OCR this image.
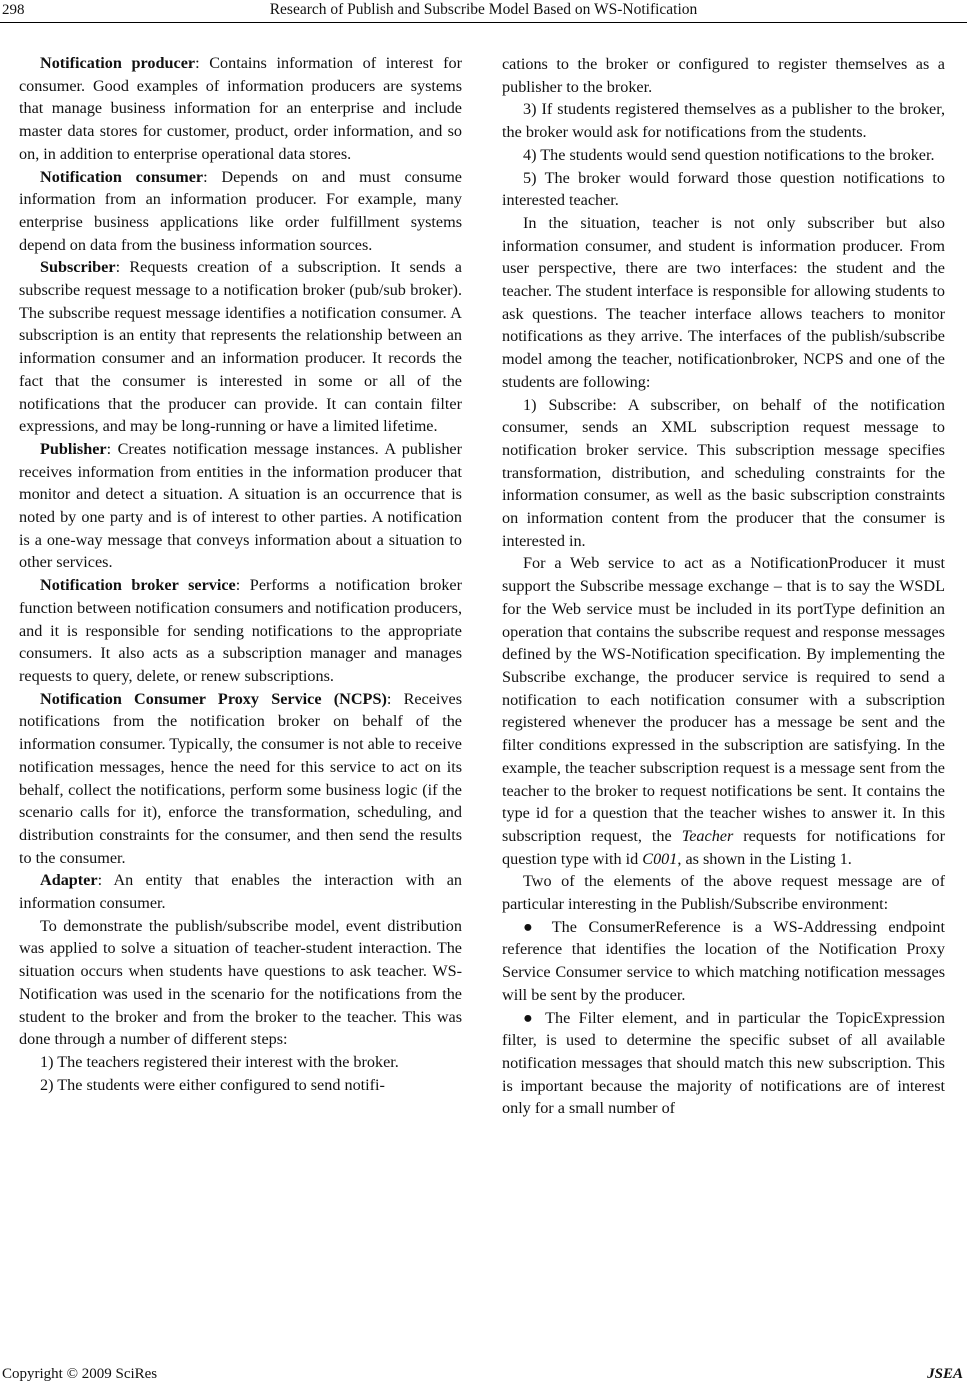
298	Research of Publish and Subscribe Model Based on WS-Notification

Notification producer: Contains information of interest for consumer. Good examples of information producers are systems that manage business information for an enterprise and include master data stores for customer, product, order information, and so on, in addition to enterprise operational data stores.

Notification consumer: Depends on and must consume information from an information producer. For example, many enterprise business applications like order fulfillment systems depend on data from the business information sources.

Subscriber: Requests creation of a subscription. It sends a subscribe request message to a notification broker (pub/sub broker). The subscribe request message identifies a notification consumer. A subscription is an entity that represents the relationship between an information consumer and an information producer. It records the fact that the consumer is interested in some or all of the notifications that the producer can provide. It can contain filter expressions, and may be long-running or have a limited lifetime.

Publisher: Creates notification message instances. A publisher receives information from entities in the information producer that monitor and detect a situation. A situation is an occurrence that is noted by one party and is of interest to other parties. A notification is a one-way message that conveys information about a situation to other services.

Notification broker service: Performs a notification broker function between notification consumers and notification producers, and it is responsible for sending notifications to the appropriate consumers. It also acts as a subscription manager and manages requests to query, delete, or renew subscriptions.

Notification Consumer Proxy Service (NCPS): Receives notifications from the notification broker on behalf of the information consumer. Typically, the consumer is not able to receive notification messages, hence the need for this service to act on its behalf, collect the notifications, perform some business logic (if the scenario calls for it), enforce the transformation, scheduling, and distribution constraints for the consumer, and then send the results to the consumer.

Adapter: An entity that enables the interaction with an information consumer.

To demonstrate the publish/subscribe model, event distribution was applied to solve a situation of teacher-student interaction. The situation occurs when students have questions to ask teacher. WS-Notification was used in the scenario for the notifications from the student to the broker and from the broker to the teacher. This was done through a number of different steps:

1) The teachers registered their interest with the broker.

2) The students were either configured to send notifi-

cations to the broker or configured to register themselves as a publisher to the broker.

3) If students registered themselves as a publisher to the broker, the broker would ask for notifications from the students.

4) The students would send question notifications to the broker.

5) The broker would forward those question notifications to interested teacher.

In the situation, teacher is not only subscriber but also information consumer, and student is information producer. From user perspective, there are two interfaces: the student and the teacher. The student interface is responsible for allowing students to ask questions. The teacher interface allows teachers to monitor notifications as they arrive. The interfaces of the publish/subscribe model among the teacher, notificationbroker, NCPS and one of the students are following:

1) Subscribe: A subscriber, on behalf of the notification consumer, sends an XML subscription request message to notification broker service. This subscription message specifies transformation, distribution, and scheduling constraints for the information consumer, as well as the basic subscription constraints on information content from the producer that the consumer is interested in.

For a Web service to act as a NotificationProducer it must support the Subscribe message exchange – that is to say the WSDL for the Web service must be included in its portType definition an operation that contains the subscribe request and response messages defined by the WS-Notification specification. By implementing the Subscribe exchange, the producer service is required to send a notification to each notification consumer with a subscription registered whenever the producer has a message be sent and the filter conditions expressed in the subscription are satisfying. In the example, the teacher subscription request is a message sent from the teacher to the broker to request notifications be sent. It contains the type id for a question that the teacher wishes to answer it. In this subscription request, the Teacher requests for notifications for question type with id C001, as shown in the Listing 1.

Two of the elements of the above request message are of particular interesting in the Publish/Subscribe environment:

● The ConsumerReference is a WS-Addressing endpoint reference that identifies the location of the Notification Proxy Service Consumer service to which matching notification messages will be sent by the producer.

● The Filter element, and in particular the TopicExpression filter, is used to determine the specific subset of all available notification messages that should match this new subscription. This is important because the majority of notifications are of interest only for a small number of

Copyright © 2009 SciRes	JSEA
